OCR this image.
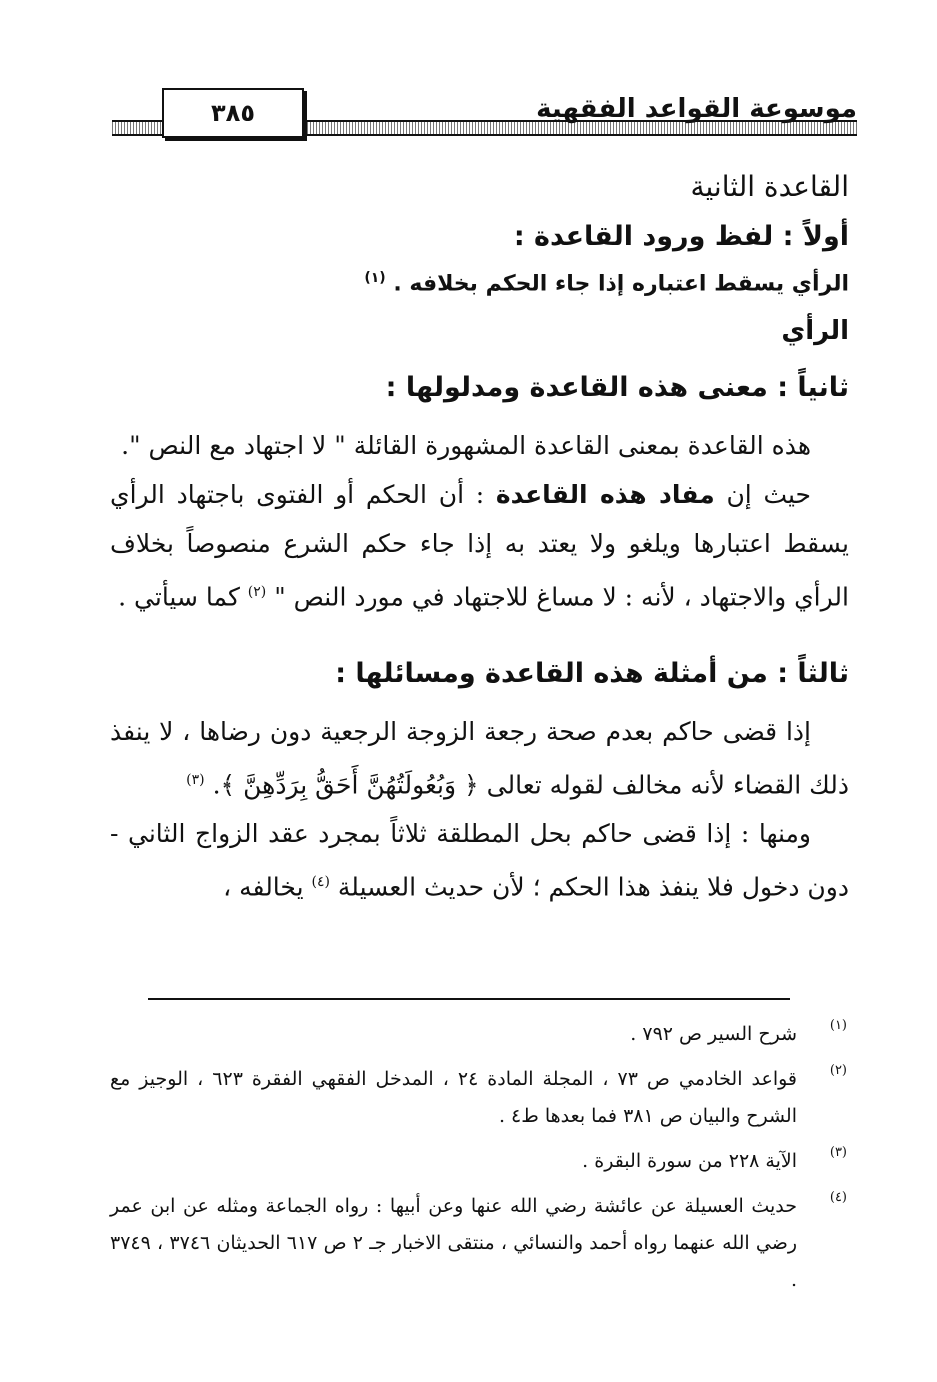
موسوعة القواعد الفقهية
٣٨٥
القاعدة الثانية
أولاً : لفظ ورود القاعدة :
الرأي يسقط اعتباره إذا جاء الحكم بخلافه . $^{(١)}$
الرأي
ثانياً : معنى هذه القاعدة ومدلولها :

هذه القاعدة بمعنى القاعدة المشهورة القائلة " لا اجتهاد مع النص ".

حيث إن مفاد هذه القاعدة : أن الحكم أو الفتوى باجتهاد الرأي يسقط اعتبارها ويلغو ولا يعتد به إذا جاء حكم الشرع منصوصاً بخلاف الرأي والاجتهاد ، لأنه : لا مساغ للاجتهاد في مورد النص " $^{(٢)}$ كما سيأتي .

ثالثاً : من أمثلة هذه القاعدة ومسائلها :

إذا قضى حاكم بعدم صحة رجعة الزوجة الرجعية دون رضاها ، لا ينفذ ذلك القضاء لأنه مخالف لقوله تعالى ﴿ وَبُعُولَتُهُنَّ أَحَقُّ بِرَدِّهِنَّ ﴾. $^{(٣)}$

ومنها : إذا قضى حاكم بحل المطلقة ثلاثاً بمجرد عقد الزواج الثاني - دون دخول فلا ينفذ هذا الحكم ؛ لأن حديث العسيلة $^{(٤)}$ يخالفه ،

(١)
شرح السير ص ٧٩٢ .
(٢)
قواعد الخادمي ص ٧٣ ، المجلة المادة ٢٤ ، المدخل الفقهي الفقرة ٦٢٣ ، الوجيز مع الشرح والبيان ص ٣٨١ فما بعدها ط٤ .
(٣)
الآية ٢٢٨ من سورة البقرة .
(٤)
حديث العسيلة عن عائشة رضي الله عنها وعن أبيها : رواه الجماعة ومثله عن ابن عمر رضي الله عنهما رواه أحمد والنسائي ، منتقى الاخبار جـ ٢ ص ٦١٧ الحديثان ٣٧٤٦ ، ٣٧٤٩ .
